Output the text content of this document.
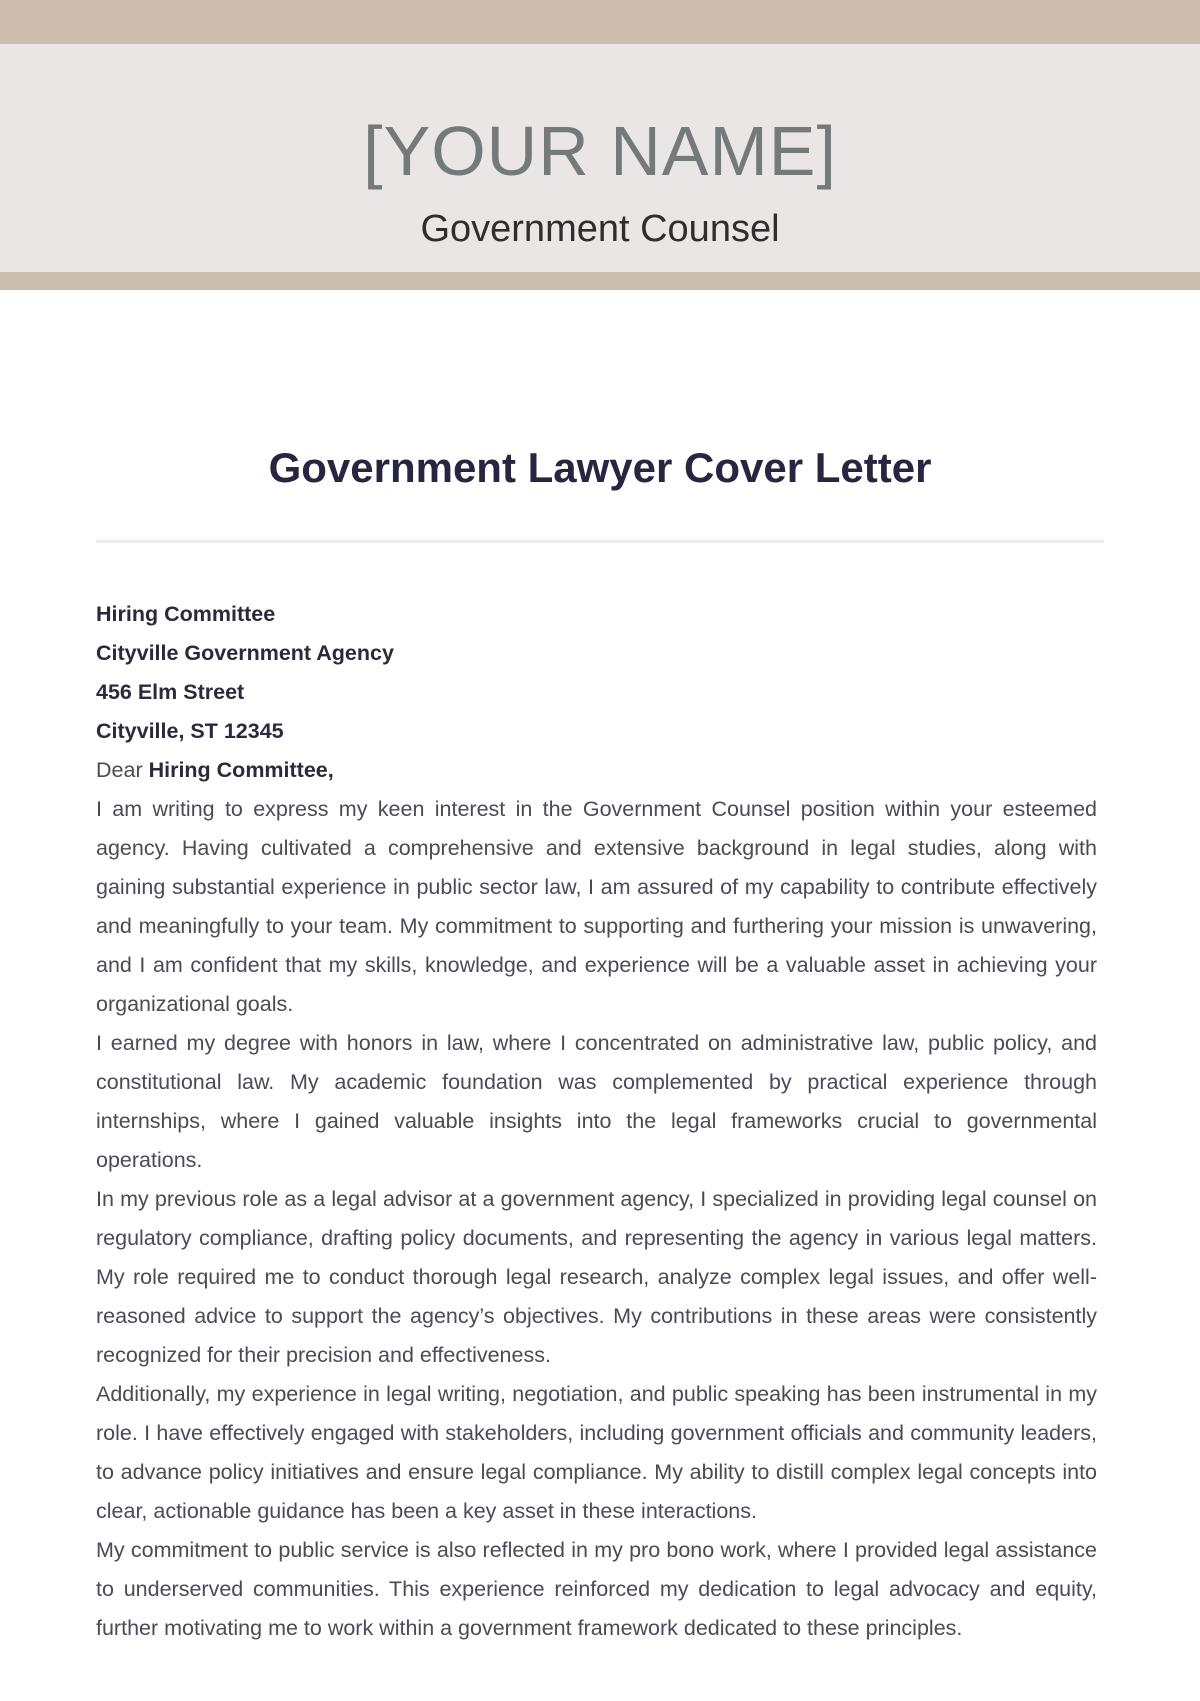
[YOUR NAME]
Government Counsel
Government Lawyer Cover Letter
Hiring Committee
Cityville Government Agency
456 Elm Street
Cityville, ST 12345
Dear Hiring Committee,

I am writing to express my keen interest in the Government Counsel position within your esteemed agency. Having cultivated a comprehensive and extensive background in legal studies, along with gaining substantial experience in public sector law, I am assured of my capability to contribute effectively and meaningfully to your team. My commitment to supporting and furthering your mission is unwavering, and I am confident that my skills, knowledge, and experience will be a valuable asset in achieving your organizational goals.

I earned my degree with honors in law, where I concentrated on administrative law, public policy, and constitutional law. My academic foundation was complemented by practical experience through internships, where I gained valuable insights into the legal frameworks crucial to governmental operations.

In my previous role as a legal advisor at a government agency, I specialized in providing legal counsel on regulatory compliance, drafting policy documents, and representing the agency in various legal matters. My role required me to conduct thorough legal research, analyze complex legal issues, and offer well-reasoned advice to support the agency’s objectives. My contributions in these areas were consistently recognized for their precision and effectiveness.

Additionally, my experience in legal writing, negotiation, and public speaking has been instrumental in my role. I have effectively engaged with stakeholders, including government officials and community leaders, to advance policy initiatives and ensure legal compliance. My ability to distill complex legal concepts into clear, actionable guidance has been a key asset in these interactions.

My commitment to public service is also reflected in my pro bono work, where I provided legal assistance to underserved communities. This experience reinforced my dedication to legal advocacy and equity, further motivating me to work within a government framework dedicated to these principles.
